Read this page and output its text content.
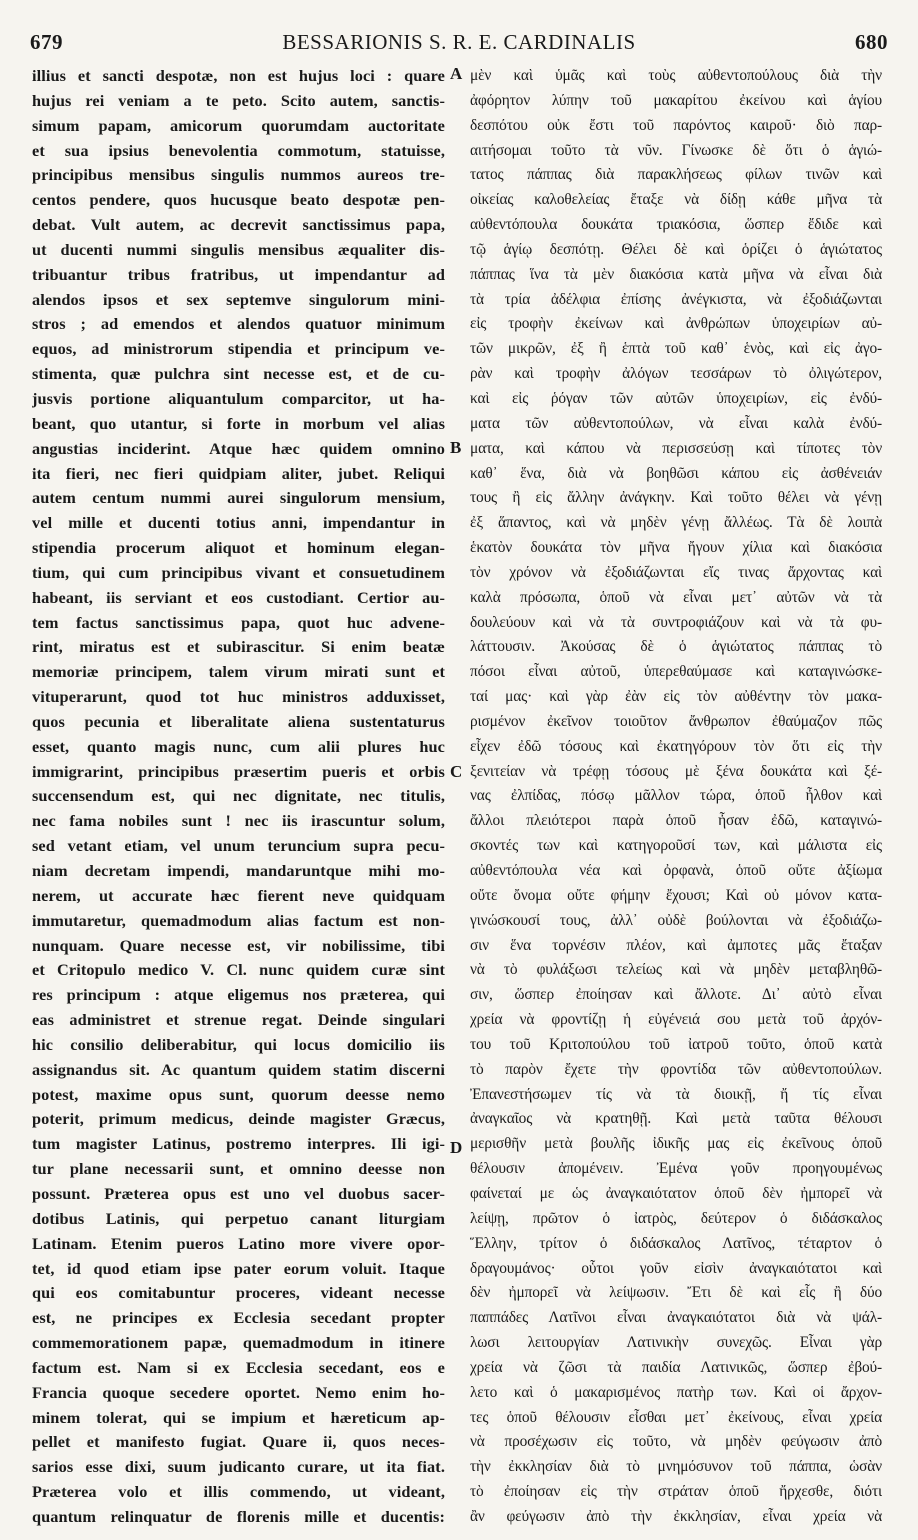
679	BESSARIONIS S. R. E. CARDINALIS	680
illius et sancti despotæ, non est hujus loci : quare
hujus rei veniam a te peto. Scito autem, sanctis-
simum papam, amicorum quorumdam auctoritate
et sua ipsius benevolentia commotum, statuisse,
principibus mensibus singulis nummos aureos tre-
centos pendere, quos hucusque beato despotæ pen-
debat. Vult autem, ac decrevit sanctissimus papa,
ut ducenti nummi singulis mensibus æqualiter dis-
tribuantur tribus fratribus, ut impendantur ad
alendos ipsos et sex septemve singulorum mini-
stros ; ad emendos et alendos quatuor minimum
equos, ad ministrorum stipendia et principum ve-
stimenta, quæ pulchra sint necesse est, et de cu-
jusvis portione aliquantulum comparcitor, ut ha-
beant, quo utantur, si forte in morbum vel alias
angustias inciderint. Atque hæc quidem omnino
ita fieri, nec fieri quidpiam aliter, jubet. Reliqui
autem centum nummi aurei singulorum mensium,
vel mille et ducenti totius anni, impendantur in
stipendia procerum aliquot et hominum elegan-
tium, qui cum principibus vivant et consuetudinem
habeant, iis serviant et eos custodiant. Certior au-
tem factus sanctissimus papa, quot huc advene-
rint, miratus est et subirascitur. Si enim beatæ
memoriæ principem, talem virum mirati sunt et
vituperarunt, quod tot huc ministros adduxisset,
quos pecunia et liberalitate aliena sustentaturus
esset, quanto magis nunc, cum alii plures huc
immigrarint, principibus præsertim pueris et orbis
succensendum est, qui nec dignitate, nec titulis,
nec fama nobiles sunt ! nec iis irascuntur solum,
sed vetant etiam, vel unum teruncium supra pecu-
niam decretam impendi, mandaruntque mihi mo-
nerem, ut accurate hæc fierent neve quidquam
immutaretur, quemadmodum alias factum est non-
nunquam. Quare necesse est, vir nobilissime, tibi
et Critopulo medico V. Cl. nunc quidem curæ sint
res principum : atque eligemus nos præterea, qui
eas administret et strenue regat. Deinde singulari
hic consilio deliberabitur, qui locus domicilio iis
assignandus sit. Ac quantum quidem statim discerni
potest, maxime opus sunt, quorum deesse nemo
poterit, primum medicus, deinde magister Græcus,
tum magister Latinus, postremo interpres. Ili igi-
tur plane necessarii sunt, et omnino deesse non
possunt. Præterea opus est uno vel duobus sacer-
dotibus Latinis, qui perpetuo canant liturgiam
Latinam. Etenim pueros Latino more vivere opor-
tet, id quod etiam ipse pater eorum voluit. Itaque
qui eos comitabuntur proceres, videant necesse
est, ne principes ex Ecclesia secedant propter
commemorationem papæ, quemadmodum in itinere
factum est. Nam si ex Ecclesia secedant, eos e
Francia quoque secedere oportet. Nemo enim ho-
minem tolerat, qui se impium et hæreticum ap-
pellet et manifesto fugiat. Quare ii, quos neces-
sarios esse dixi, suum judicanto curare, ut ita fiat.
Præterea volo et illis commendo, ut videant,
quantum relinquatur de florenis mille et ducentis:
μὲν καὶ ὑμᾶς καὶ τοὺς αὐθεντοπούλους διὰ τὴν
ἀφόρητον λύπην τοῦ μακαρίτου ἐκείνου καὶ ἁγίου
δεσπότου οὐκ ἔστι τοῦ παρόντος καιροῦ· διὸ παρ-
αιτήσομαι τοῦτο τὰ νῦν. Γίνωσκε δὲ ὅτι ὁ ἁγιώ-
τατος πάππας διὰ παρακλήσεως φίλων τινῶν καὶ
οἰκείας καλοθελείας ἔταξε νὰ δίδῃ κάθε μῆνα τὰ
αὐθεντόπουλα δουκάτα τριακόσια, ὥσπερ ἔδιδε καὶ
τῷ ἁγίῳ δεσπότῃ. Θέλει δὲ καὶ ὁρίζει ὁ ἁγιώτατος
πάππας ἵνα τὰ μὲν διακόσια κατὰ μῆνα νὰ εἶναι διὰ
τὰ τρία ἀδέλφια ἐπίσης ἀνέγκιστα, νὰ ἐξοδιάζωνται
εἰς τροφὴν ἐκείνων καὶ ἀνθρώπων ὑποχειρίων αὐ-
τῶν μικρῶν, ἐξ ἢ ἑπτὰ τοῦ καθ᾽ ἑνὸς, καὶ εἰς ἀγο-
ρὰν καὶ τροφὴν ἀλόγων τεσσάρων τὸ ὀλιγώτερον,
καὶ εἰς ῥόγαν τῶν αὐτῶν ὑποχειρίων, εἰς ἐνδύ-
ματα τῶν αὐθεντοπούλων, νὰ εἶναι καλὰ ἐνδύ-
ματα, καὶ κάπου νὰ περισσεύσῃ καὶ τίποτες τὸν
καθ᾽ ἕνα, διὰ νὰ βοηθῶσι κάπου εἰς ἀσθένειάν
τους ἢ εἰς ἄλλην ἀνάγκην. Καὶ τοῦτο θέλει νὰ γένῃ
ἐξ ἅπαντος, καὶ νὰ μηδὲν γένῃ ἄλλέως. Τὰ δὲ λοιπὰ
ἑκατὸν δουκάτα τὸν μῆνα ἤγουν χίλια καὶ διακόσια
τὸν χρόνον νὰ ἐξοδιάζωνται εἴς τινας ἄρχοντας καὶ
καλὰ πρόσωπα, ὁποῦ νὰ εἶναι μετ᾽ αὐτῶν νὰ τὰ
δουλεύουν καὶ νὰ τὰ συντροφιάζουν καὶ νὰ τὰ φυ-
λάττουσιν. Ἀκούσας δὲ ὁ ἁγιώτατος πάππας τὸ
πόσοι εἶναι αὐτοῦ, ὑπερεθαύμασε καὶ καταγινώσκε-
ταί μας· καὶ γὰρ ἐὰν εἰς τὸν αὐθέντην τὸν μακα-
ρισμένον ἐκεῖνον τοιοῦτον ἄνθρωπον ἐθαύμαζον πῶς
εἶχεν ἐδῶ τόσους καὶ ἐκατηγόρουν τὸν ὅτι εἰς τὴν
ξενιτείαν νὰ τρέφῃ τόσους μὲ ξένα δουκάτα καὶ ξέ-
νας ἐλπίδας, πόσῳ μᾶλλον τώρα, ὁποῦ ἦλθον καὶ
ἄλλοι πλειότεροι παρὰ ὁποῦ ἦσαν ἐδῶ, καταγινώ-
σκοντές των καὶ κατηγοροῦσί των, καὶ μάλιστα εἰς
αὐθεντόπουλα νέα καὶ ὀρφανὰ, ὁποῦ οὔτε ἀξίωμα
οὔτε ὄνομα οὔτε φήμην ἔχουσι; Καὶ οὐ μόνον κατα-
γινώσκουσί τους, ἀλλ᾽ οὐδὲ βούλονται νὰ ἐξοδιάζω-
σιν ἕνα τορνέσιν πλέον, καὶ ἀμποτες μᾶς ἔταξαν
νὰ τὸ φυλάξωσι τελείως καὶ νὰ μηδὲν μεταβληθῶ-
σιν, ὥσπερ ἐποίησαν καὶ ἄλλοτε. Δι᾽ αὐτὸ εἶναι
χρεία νὰ φροντίζῃ ἡ εὐγένειά σου μετὰ τοῦ ἀρχόν-
του τοῦ Κριτοπούλου τοῦ ἰατροῦ τοῦτο, ὁποῦ κατὰ
τὸ παρὸν ἔχετε τὴν φροντίδα τῶν αὐθεντοπούλων.
Ἐπανεστήσωμεν τίς νὰ τὰ διοικῇ, ἤ τίς εἶναι
ἀναγκαῖος νὰ κρατηθῇ. Καὶ μετὰ ταῦτα θέλουσι
μερισθῆν μετὰ βουλῆς ἰδικῆς μας εἰς ἐκεῖνους ὁποῦ
θέλουσιν ἀπομένειν. Ἐμένα γοῦν προηγουμένως
φαίνεταί με ὡς ἀναγκαιότατον ὁποῦ δὲν ἠμπορεῖ νὰ
λείψῃ, πρῶτον ὁ ἰατρὸς, δεύτερον ὁ διδάσκαλος
Ἕλλην, τρίτον ὁ διδάσκαλος Λατῖνος, τέταρτον ὁ
δραγουμάνος· οὗτοι γοῦν εἰσὶν ἀναγκαιότατοι καὶ
δὲν ἠμπορεῖ νὰ λείψωσιν. Ἔτι δὲ καὶ εἷς ἢ δύο
παππάδες Λατῖνοι εἶναι ἀναγκαιότατοι διὰ νὰ ψάλ-
λωσι λειτουργίαν Λατινικὴν συνεχῶς. Εἶναι γὰρ
χρεία νὰ ζῶσι τὰ παιδία Λατινικῶς, ὥσπερ ἐβού-
λετο καὶ ὁ μακαρισμένος πατὴρ των. Καὶ οἱ ἄρχον-
τες ὁποῦ θέλουσιν εἶσθαι μετ᾽ ἐκείνους, εἶναι χρεία
νὰ προσέχωσιν εἰς τοῦτο, νὰ μηδὲν φεύγωσιν ἀπὸ
τὴν ἐκκλησίαν διὰ τὸ μνημόσυνον τοῦ πάππα, ὡσὰν
τὸ ἐποίησαν εἰς τὴν στράταν ὁποῦ ἤρχεσθε, διότι
ἂν φεύγωσιν ἀπὸ τὴν ἐκκλησίαν, εἶναι χρεία νὰ
A
B
C
D
